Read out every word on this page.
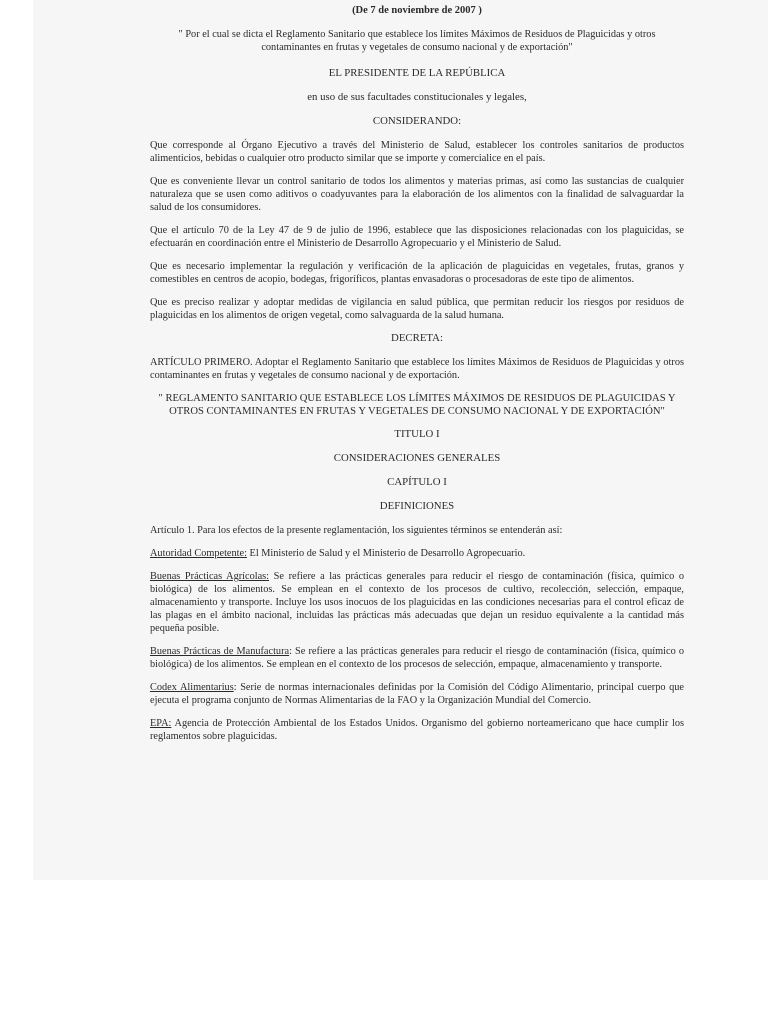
(De 7 de noviembre de 2007 )

" Por el cual se dicta el Reglamento Sanitario que establece los límites Máximos de Residuos de Plaguicidas y otros contaminantes en frutas y vegetales de consumo nacional y de exportación"

EL PRESIDENTE DE LA REPÚBLICA

en uso de sus facultades constitucionales y legales,

CONSIDERANDO:

Que corresponde al Órgano Ejecutivo a través del Ministerio de Salud, establecer los controles sanitarios de productos alimenticios, bebidas o cualquier otro producto similar que se importe y comercialice en el país.

Que es conveniente llevar un control sanitario de todos los alimentos y materias primas, así como las sustancias de cualquier naturaleza que se usen como aditivos o coadyuvantes para la elaboración de los alimentos con la finalidad de salvaguardar la salud de los consumidores.

Que el artículo 70 de la Ley 47 de 9 de julio de 1996, establece que las disposiciones relacionadas con los plaguicidas, se efectuarán en coordinación entre el Ministerio de Desarrollo Agropecuario y el Ministerio de Salud.

Que es necesario implementar la regulación y verificación de la aplicación de plaguicidas en vegetales, frutas, granos y comestibles en centros de acopio, bodegas, frigoríficos, plantas envasadoras o procesadoras de este tipo de alimentos.

Que es preciso realizar y adoptar medidas de vigilancia en salud pública, que permitan reducir los riesgos por residuos de plaguicidas en los alimentos de origen vegetal, como salvaguarda de la salud humana.

DECRETA:

ARTÍCULO PRIMERO. Adoptar el Reglamento Sanitario que establece los límites Máximos de Residuos de Plaguicidas y otros contaminantes en frutas y vegetales de consumo nacional y de exportación.

" REGLAMENTO SANITARIO QUE ESTABLECE LOS LÍMITES MÁXIMOS DE RESIDUOS DE PLAGUICIDAS Y OTROS CONTAMINANTES EN FRUTAS Y VEGETALES DE CONSUMO NACIONAL Y DE EXPORTACIÓN"

TITULO I

CONSIDERACIONES GENERALES

CAPÍTULO I

DEFINICIONES

Artículo 1. Para los efectos de la presente reglamentación, los siguientes términos se entenderán así:

Autoridad Competente: El Ministerio de Salud y el Ministerio de Desarrollo Agropecuario.

Buenas Prácticas Agrícolas: Se refiere a las prácticas generales para reducir el riesgo de contaminación (física, químico o biológica) de los alimentos. Se emplean en el contexto de los procesos de cultivo, recolección, selección, empaque, almacenamiento y transporte. Incluye los usos inocuos de los plaguicidas en las condiciones necesarias para el control eficaz de las plagas en el ámbito nacional, incluidas las prácticas más adecuadas que dejan un residuo equivalente a la cantidad más pequeña posible.

Buenas Prácticas de Manufactura: Se refiere a las prácticas generales para reducir el riesgo de contaminación (física, químico o biológica) de los alimentos. Se emplean en el contexto de los procesos de selección, empaque, almacenamiento y transporte.

Codex Alimentarius: Serie de normas internacionales definidas por la Comisión del Código Alimentario, principal cuerpo que ejecuta el programa conjunto de Normas Alimentarias de la FAO y la Organización Mundial del Comercio.

EPA: Agencia de Protección Ambiental de los Estados Unidos. Organismo del gobierno norteamericano que hace cumplir los reglamentos sobre plaguicidas.
